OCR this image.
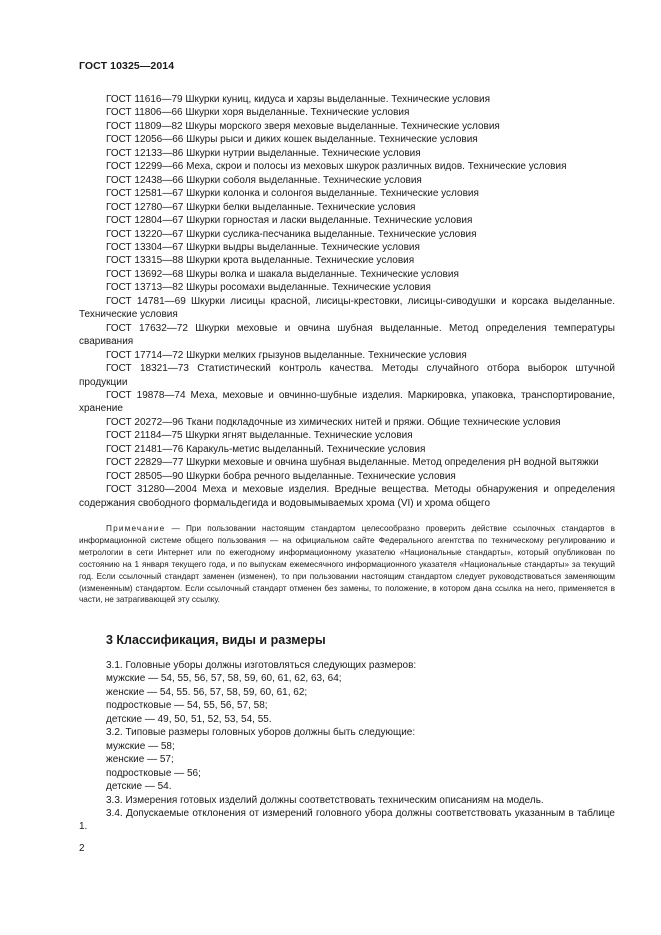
ГОСТ 10325—2014
ГОСТ 11616—79 Шкурки куниц, кидуса и харзы выделанные. Технические условия
ГОСТ 11806—66 Шкурки хоря выделанные. Технические условия
ГОСТ 11809—82 Шкуры морского зверя меховые выделанные. Технические условия
ГОСТ 12056—66 Шкуры рыси и диких кошек выделанные. Технические условия
ГОСТ 12133—86 Шкурки нутрии выделанные. Технические условия
ГОСТ 12299—66 Меха, скрои и полосы из меховых шкурок различных видов. Технические условия
ГОСТ 12438—66 Шкурки соболя выделанные. Технические условия
ГОСТ 12581—67 Шкурки колонка и солонгоя выделанные. Технические условия
ГОСТ 12780—67 Шкурки белки выделанные. Технические условия
ГОСТ 12804—67 Шкурки горностая и ласки выделанные. Технические условия
ГОСТ 13220—67 Шкурки суслика-песчаника выделанные. Технические условия
ГОСТ 13304—67 Шкурки выдры выделанные. Технические условия
ГОСТ 13315—88 Шкурки крота выделанные. Технические условия
ГОСТ 13692—68 Шкуры волка и шакала выделанные. Технические условия
ГОСТ 13713—82 Шкуры росомахи выделанные. Технические условия
ГОСТ 14781—69 Шкурки лисицы красной, лисицы-крестовки, лисицы-сиводушки и корсака выделанные. Технические условия
ГОСТ 17632—72 Шкурки меховые и овчина шубная выделанные. Метод определения температуры сваривания
ГОСТ 17714—72 Шкурки мелких грызунов выделанные. Технические условия
ГОСТ 18321—73 Статистический контроль качества. Методы случайного отбора выборок штучной продукции
ГОСТ 19878—74 Меха, меховые и овчинно-шубные изделия. Маркировка, упаковка, транспортирование, хранение
ГОСТ 20272—96 Ткани подкладочные из химических нитей и пряжи. Общие технические условия
ГОСТ 21184—75 Шкурки ягнят выделанные. Технические условия
ГОСТ 21481—76 Каракуль-метис выделанный. Технические условия
ГОСТ 22829—77 Шкурки меховые и овчина шубная выделанные. Метод определения pH водной вытяжки
ГОСТ 28505—90 Шкурки бобра речного выделанные. Технические условия
ГОСТ 31280—2004 Меха и меховые изделия. Вредные вещества. Методы обнаружения и определения содержания свободного формальдегида и водовымываемых хрома (VI) и хрома общего
Примечание — При пользовании настоящим стандартом целесообразно проверить действие ссылочных стандартов в информационной системе общего пользования — на официальном сайте Федерального агентства по техническому регулированию и метрологии в сети Интернет или по ежегодному информационному указателю «Национальные стандарты», который опубликован по состоянию на 1 января текущего года, и по выпускам ежемесячного информационного указателя «Национальные стандарты» за текущий год. Если ссылочный стандарт заменен (изменен), то при пользовании настоящим стандартом следует руководствоваться заменяющим (измененным) стандартом. Если ссылочный стандарт отменен без замены, то положение, в котором дана ссылка на него, применяется в части, не затрагивающей эту ссылку.
3 Классификация, виды и размеры
3.1. Головные уборы должны изготовляться следующих размеров:
мужские — 54, 55, 56, 57, 58, 59, 60, 61, 62, 63, 64;
женские — 54, 55. 56, 57, 58, 59, 60, 61, 62;
подростковые — 54, 55, 56, 57, 58;
детские — 49, 50, 51, 52, 53, 54, 55.
3.2. Типовые размеры головных уборов должны быть следующие:
мужские — 58;
женские — 57;
подростковые — 56;
детские — 54.
3.3. Измерения готовых изделий должны соответствовать техническим описаниям на модель.
3.4. Допускаемые отклонения от измерений головного убора должны соответствовать указанным в таблице 1.
2
